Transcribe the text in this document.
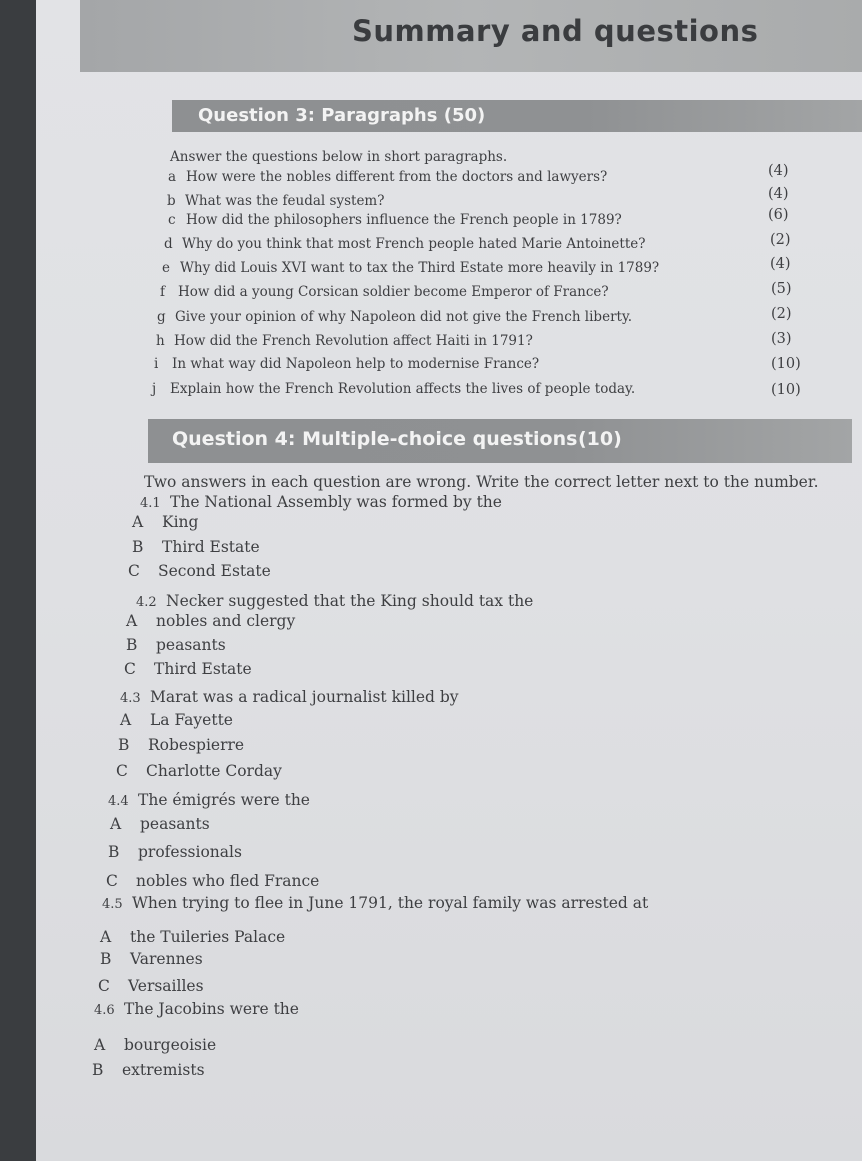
Summary and questions
Question 3: Paragraphs (50)
Answer the questions below in short paragraphs.
a How were the nobles different from the doctors and lawyers?	(4)
b What was the feudal system?	(4)
c How did the philosophers influence the French people in 1789?	(6)
d Why do you think that most French people hated Marie Antoinette?	(2)
e Why did Louis XVI want to tax the Third Estate more heavily in 1789?	(4)
f How did a young Corsican soldier become Emperor of France?	(5)
g Give your opinion of why Napoleon did not give the French liberty.	(2)
h How did the French Revolution affect Haiti in 1791?	(3)
i In what way did Napoleon help to modernise France?	(10)
j Explain how the French Revolution affects the lives of people today.	(10)
Question 4: Multiple-choice questions (10)
Two answers in each question are wrong. Write the correct letter next to the number.
4.1 The National Assembly was formed by the
A King
B Third Estate
C Second Estate
4.2 Necker suggested that the King should tax the
A nobles and clergy
B peasants
C Third Estate
4.3 Marat was a radical journalist killed by
A La Fayette
B Robespierre
C Charlotte Corday
4.4 The émigrés were the
A peasants
B professionals
C nobles who fled France
4.5 When trying to flee in June 1791, the royal family was arrested at
A the Tuileries Palace
B Varennes
C Versailles
4.6 The Jacobins were the
A bourgeoisie
B extremists
